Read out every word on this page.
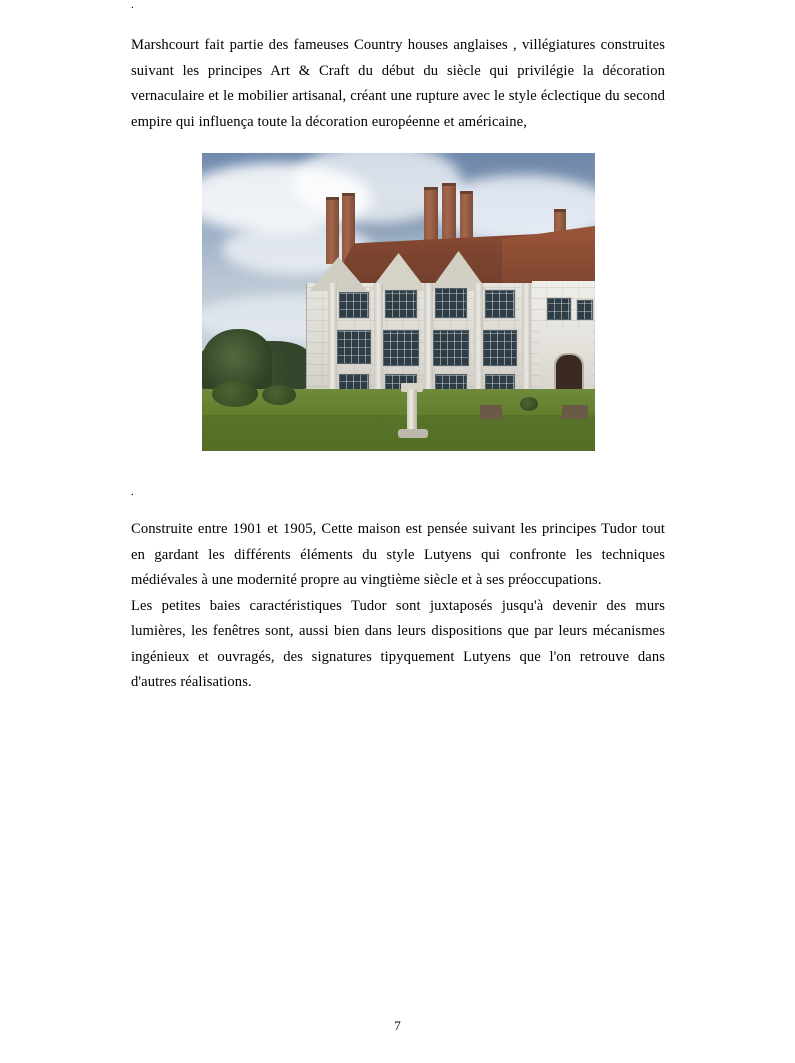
.

Marshcourt fait partie des fameuses Country houses anglaises , villégiatures construites suivant les principes Art & Craft du début du siècle qui privilégie la décoration vernaculaire et le mobilier artisanal, créant une rupture avec le style éclectique du second empire qui influença toute la décoration européenne et américaine,

.

Construite entre 1901 et 1905, Cette maison est pensée suivant les principes Tudor tout en gardant les différents éléments du style Lutyens qui confronte les techniques médiévales à une modernité propre au vingtième siècle et à ses préoccupations.

Les petites baies caractéristiques Tudor sont juxtaposés jusqu'à devenir des murs lumières, les fenêtres sont, aussi bien dans leurs dispositions que par leurs mécanismes ingénieux et ouvragés, des signatures tipyquement Lutyens que l'on retrouve dans d'autres réalisations.

7
